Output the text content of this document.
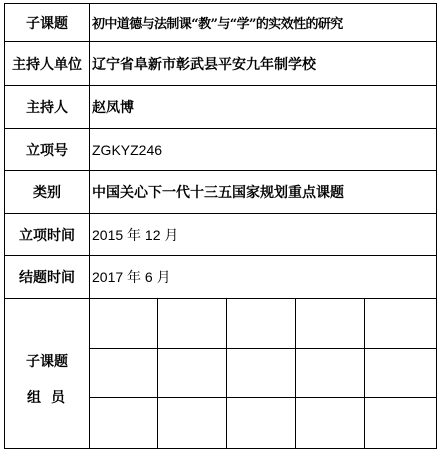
子课题	初中道德与法制课“教”与“学”的实效性的研究				
主持人单位	辽宁省阜新市彰武县平安九年制学校				
主持人	赵凤博				
立项号	ZGKYZ246				
类别	中国关心下一代十三五国家规划重点课题				
立项时间	2015 年 12 月				
结题时间	2017 年 6 月				

子课题
组员					
